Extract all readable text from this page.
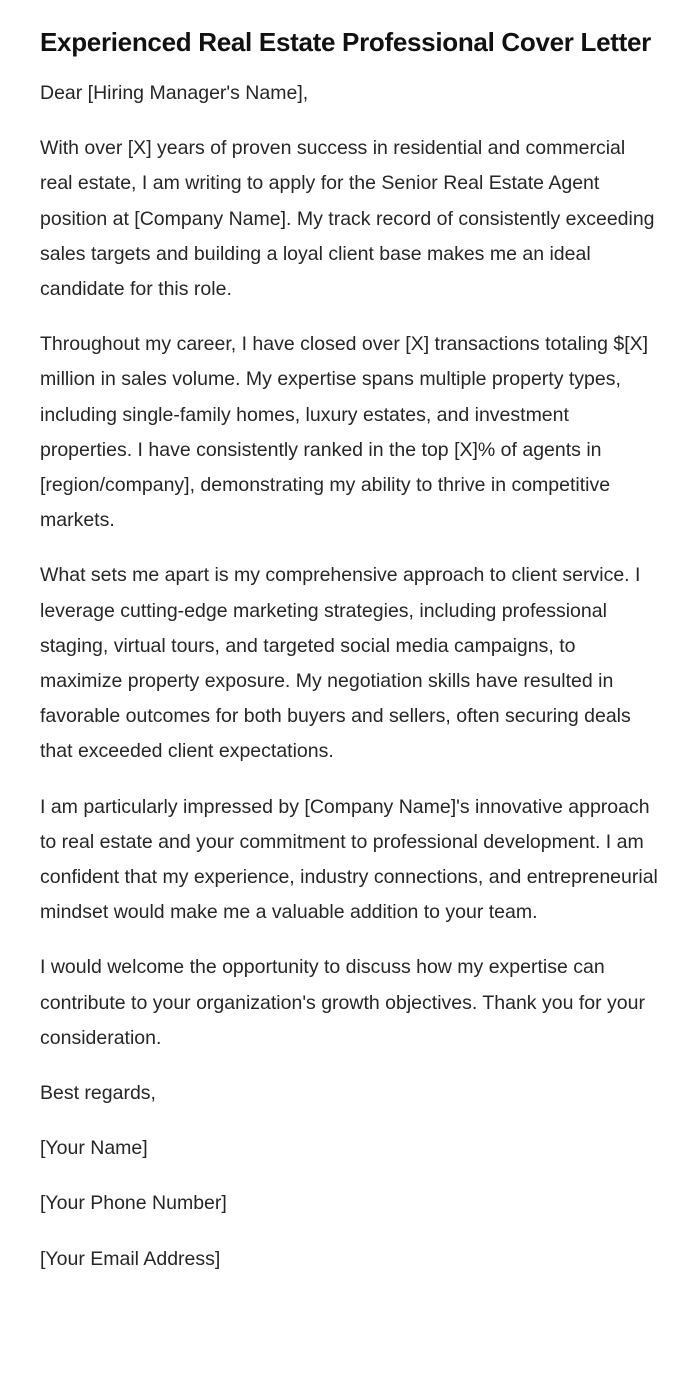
Experienced Real Estate Professional Cover Letter

Dear [Hiring Manager's Name],

With over [X] years of proven success in residential and commercial real estate, I am writing to apply for the Senior Real Estate Agent position at [Company Name]. My track record of consistently exceeding sales targets and building a loyal client base makes me an ideal candidate for this role.

Throughout my career, I have closed over [X] transactions totaling $[X] million in sales volume. My expertise spans multiple property types, including single-family homes, luxury estates, and investment properties. I have consistently ranked in the top [X]% of agents in [region/company], demonstrating my ability to thrive in competitive markets.

What sets me apart is my comprehensive approach to client service. I leverage cutting-edge marketing strategies, including professional staging, virtual tours, and targeted social media campaigns, to maximize property exposure. My negotiation skills have resulted in favorable outcomes for both buyers and sellers, often securing deals that exceeded client expectations.

I am particularly impressed by [Company Name]'s innovative approach to real estate and your commitment to professional development. I am confident that my experience, industry connections, and entrepreneurial mindset would make me a valuable addition to your team.

I would welcome the opportunity to discuss how my expertise can contribute to your organization's growth objectives. Thank you for your consideration.

Best regards,

[Your Name]

[Your Phone Number]

[Your Email Address]
